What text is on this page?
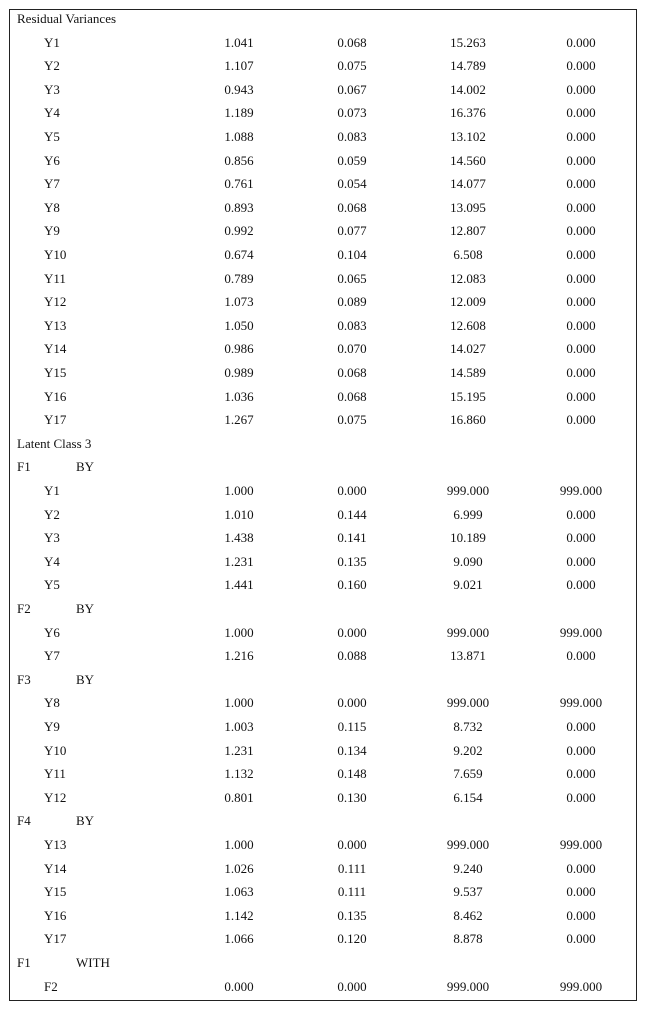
Residual Variances
Y1	1.041	0.068	15.263	0.000
Y2	1.107	0.075	14.789	0.000
Y3	0.943	0.067	14.002	0.000
Y4	1.189	0.073	16.376	0.000
Y5	1.088	0.083	13.102	0.000
Y6	0.856	0.059	14.560	0.000
Y7	0.761	0.054	14.077	0.000
Y8	0.893	0.068	13.095	0.000
Y9	0.992	0.077	12.807	0.000
Y10	0.674	0.104	6.508	0.000
Y11	0.789	0.065	12.083	0.000
Y12	1.073	0.089	12.009	0.000
Y13	1.050	0.083	12.608	0.000
Y14	0.986	0.070	14.027	0.000
Y15	0.989	0.068	14.589	0.000
Y16	1.036	0.068	15.195	0.000
Y17	1.267	0.075	16.860	0.000
Latent Class 3
F1	BY
Y1	1.000	0.000	999.000	999.000
Y2	1.010	0.144	6.999	0.000
Y3	1.438	0.141	10.189	0.000
Y4	1.231	0.135	9.090	0.000
Y5	1.441	0.160	9.021	0.000
F2	BY
Y6	1.000	0.000	999.000	999.000
Y7	1.216	0.088	13.871	0.000
F3	BY
Y8	1.000	0.000	999.000	999.000
Y9	1.003	0.115	8.732	0.000
Y10	1.231	0.134	9.202	0.000
Y11	1.132	0.148	7.659	0.000
Y12	0.801	0.130	6.154	0.000
F4	BY
Y13	1.000	0.000	999.000	999.000
Y14	1.026	0.111	9.240	0.000
Y15	1.063	0.111	9.537	0.000
Y16	1.142	0.135	8.462	0.000
Y17	1.066	0.120	8.878	0.000
F1	WITH
F2	0.000	0.000	999.000	999.000
